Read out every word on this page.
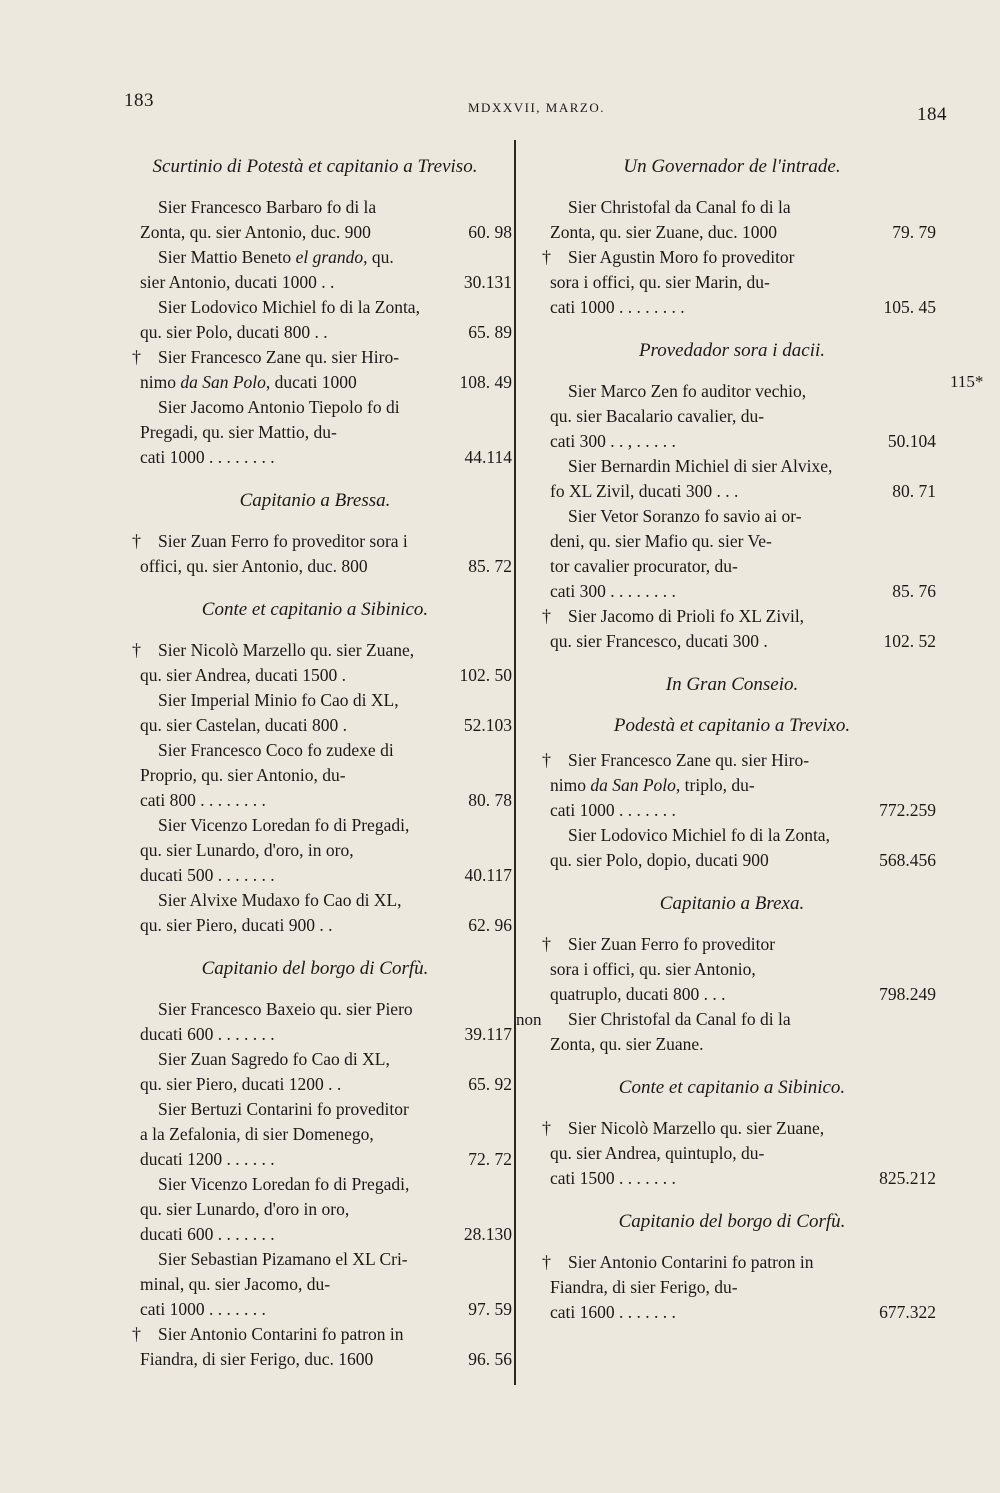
183	MDXXVII, MARZO.	184
115*
Scurtinio di Potestà et capitanio a Treviso.
Sier Francesco Barbaro fo di la
Zonta, qu. sier Antonio, duc. 900	60. 98
Sier Mattio Beneto el grando, qu.
sier Antonio, ducati 1000 . .	30.131
Sier Lodovico Michiel fo di la Zonta,
qu. sier Polo, ducati 800 . .	65. 89
† Sier Francesco Zane qu. sier Hiro-
nimo da San Polo, ducati 1000	108. 49
Sier Jacomo Antonio Tiepolo fo di
Pregadi, qu. sier Mattio, du-
cati 1000 . . . . . . . .	44.114
Capitanio a Bressa.
† Sier Zuan Ferro fo proveditor sora i
offici, qu. sier Antonio, duc. 800	85. 72
Conte et capitanio a Sibinico.
† Sier Nicolò Marzello qu. sier Zuane,
qu. sier Andrea, ducati 1500 .	102. 50
Sier Imperial Minio fo Cao di XL,
qu. sier Castelan, ducati 800 .	52.103
Sier Francesco Coco fo zudexe di
Proprio, qu. sier Antonio, du-
cati 800 . . . . . . . .	80. 78
Sier Vicenzo Loredan fo di Pregadi,
qu. sier Lunardo, d'oro, in oro,
ducati 500 . . . . . . .	40.117
Sier Alvixe Mudaxo fo Cao di XL,
qu. sier Piero, ducati 900 . .	62. 96
Capitanio del borgo di Corfù.
Sier Francesco Baxeio qu. sier Piero
ducati 600 . . . . . . .	39.117
Sier Zuan Sagredo fo Cao di XL,
qu. sier Piero, ducati 1200 . .	65. 92
Sier Bertuzi Contarini fo proveditor
a la Zefalonia, di sier Domenego,
ducati 1200 . . . . . .	72. 72
Sier Vicenzo Loredan fo di Pregadi,
qu. sier Lunardo, d'oro in oro,
ducati 600 . . . . . . .	28.130
Sier Sebastian Pizamano el XL Cri-
minal, qu. sier Jacomo, du-
cati 1000 . . . . . . .	97. 59
† Sier Antonio Contarini fo patron in
Fiandra, di sier Ferigo, duc. 1600	96. 56
Un Governador de l'intrade.
Sier Christofal da Canal fo di la
Zonta, qu. sier Zuane, duc. 1000	79. 79
† Sier Agustin Moro fo proveditor
sora i offici, qu. sier Marin, du-
cati 1000 . . . . . . . .	105. 45
Provedador sora i dacii.
Sier Marco Zen fo auditor vechio,
qu. sier Bacalario cavalier, du-
cati 300 . . , . . . . .	50.104
Sier Bernardin Michiel di sier Alvixe,
fo XL Zivil, ducati 300 . . .	80. 71
Sier Vetor Soranzo fo savio ai or-
deni, qu. sier Mafio qu. sier Ve-
tor cavalier procurator, du-
cati 300 . . . . . . . .	85. 76
† Sier Jacomo di Prioli fo XL Zivil,
qu. sier Francesco, ducati 300 .	102. 52
In Gran Conseio.
Podestà et capitanio a Trevixo.
† Sier Francesco Zane qu. sier Hiro-
nimo da San Polo, triplo, du-
cati 1000 . . . . . . .	772.259
Sier Lodovico Michiel fo di la Zonta,
qu. sier Polo, dopio, ducati 900	568.456
Capitanio a Brexa.
† Sier Zuan Ferro fo proveditor
sora i offici, qu. sier Antonio,
quatruplo, ducati 800 . . .	798.249
non Sier Christofal da Canal fo di la
Zonta, qu. sier Zuane.
Conte et capitanio a Sibinico.
† Sier Nicolò Marzello qu. sier Zuane,
qu. sier Andrea, quintuplo, du-
cati 1500 . . . . . . .	825.212
Capitanio del borgo di Corfù.
† Sier Antonio Contarini fo patron in
Fiandra, di sier Ferigo, du-
cati 1600 . . . . . . .	677.322
